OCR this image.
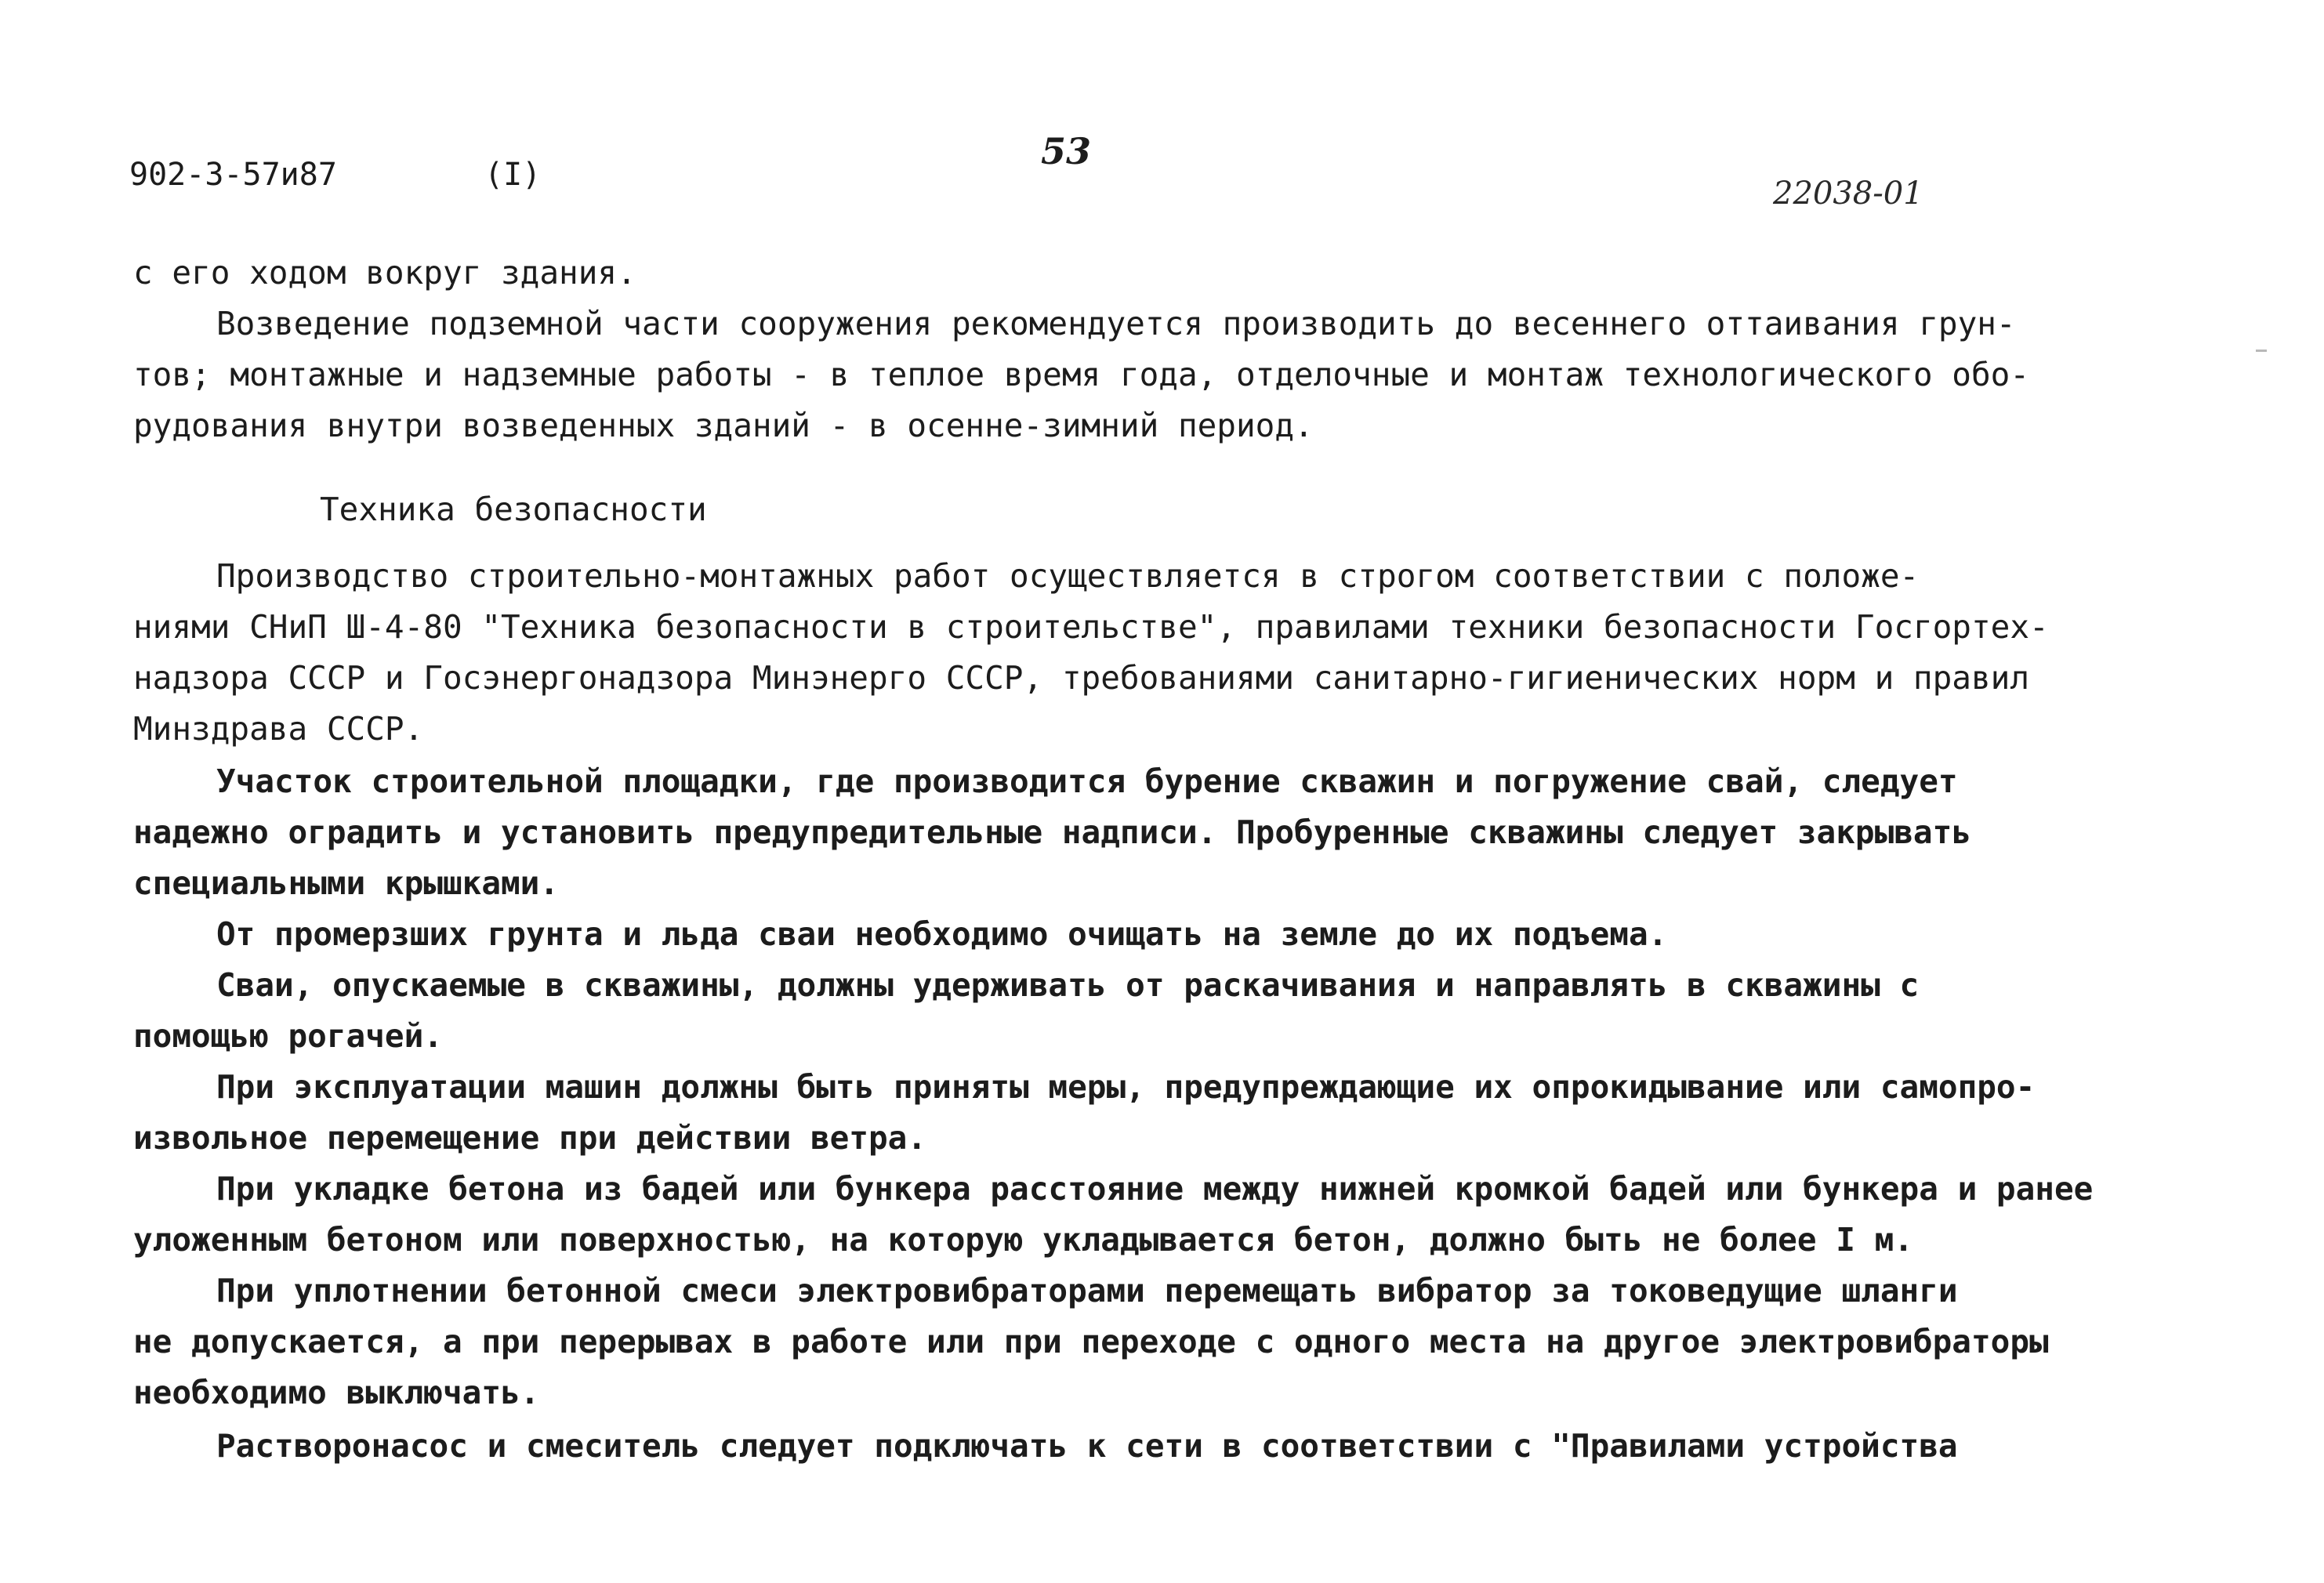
902-3-57и87	(I)
53
22038-01
с его ходом вокруг здания.
Возведение подземной части сооружения рекомендуется производить до весеннего оттаивания грун-
тов; монтажные и надземные работы - в теплое время года, отделочные и монтаж технологического обо-
рудования внутри возведенных зданий - в осенне-зимний период.
Техника безопасности
Производство строительно-монтажных работ осуществляется в строгом соответствии с положе-
ниями СНиП Ш-4-80 "Техника безопасности в строительстве", правилами техники безопасности Госгортех-
надзора СССР и Госэнергонадзора Минэнерго СССР, требованиями санитарно-гигиенических норм и правил
Минздрава СССР.
Участок строительной площадки, где производится бурение скважин и погружение свай, следует
надежно оградить и установить предупредительные надписи. Пробуренные скважины следует закрывать
специальными крышками.
От промерзших грунта и льда сваи необходимо очищать на земле до их подъема.
Сваи, опускаемые в скважины, должны удерживать от раскачивания и направлять в скважины с
помощью рогачей.
При эксплуатации машин должны быть приняты меры, предупреждающие их опрокидывание или самопро-
извольное перемещение при действии ветра.
При укладке бетона из бадей или бункера расстояние между нижней кромкой бадей или бункера и ранее
уложенным бетоном или поверхностью, на которую укладывается бетон, должно быть не более I м.
При уплотнении бетонной смеси электровибраторами перемещать вибратор за токоведущие шланги
не допускается, а при перерывах в работе или при переходе с одного места на другое электровибраторы
необходимо выключать.
Растворонасос и смеситель следует подключать к сети в соответствии с "Правилами устройства
